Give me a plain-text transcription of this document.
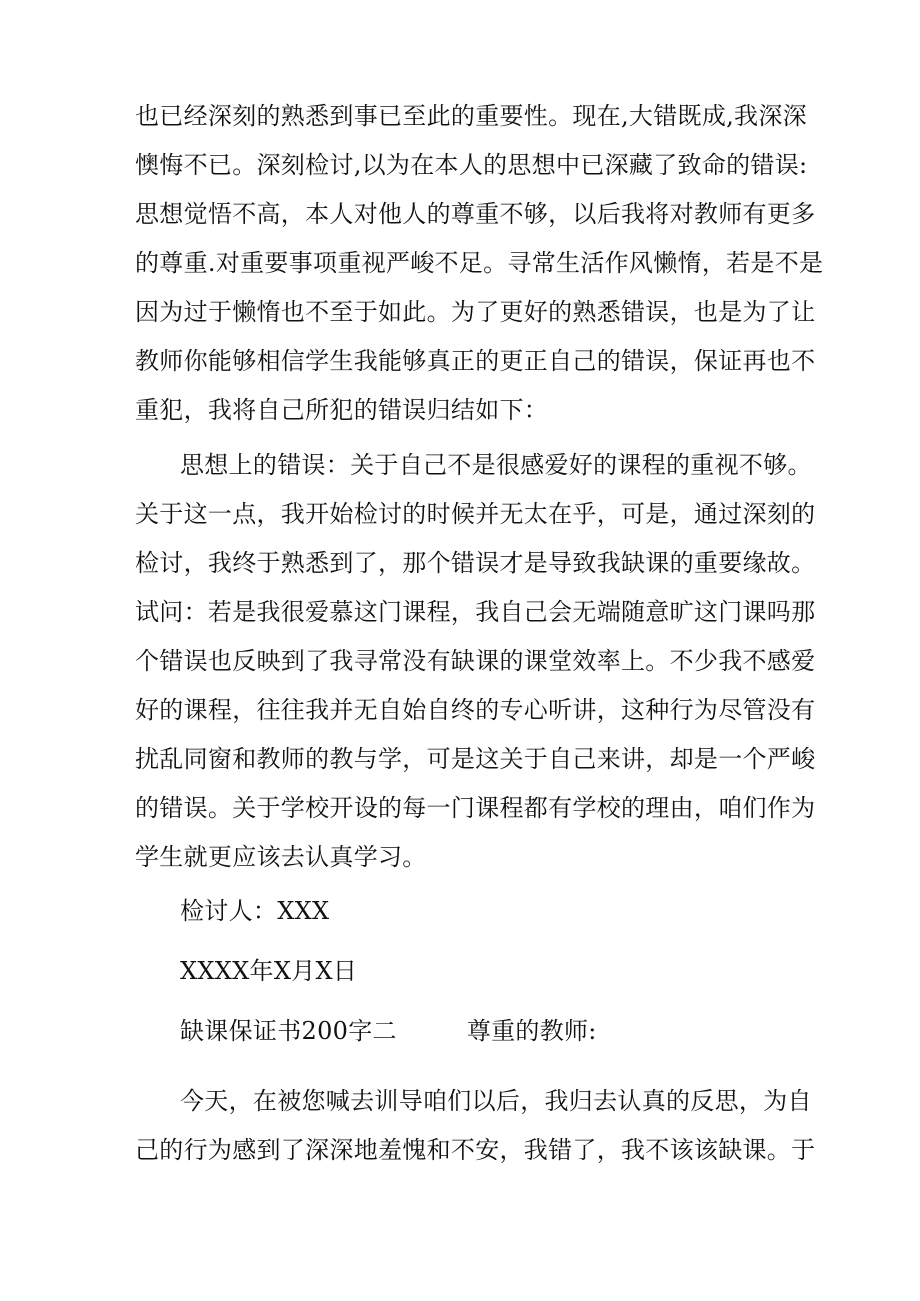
也已经深刻的熟悉到事已至此的重要性。现在,大错既成,我深深
懊悔不已。深刻检讨,以为在本人的思想中已深藏了致命的错误:
思想觉悟不高，本人对他人的尊重不够，以后我将对教师有更多
的尊重.对重要事项重视严峻不足。寻常生活作风懒惰，若是不是
因为过于懒惰也不至于如此。为了更好的熟悉错误，也是为了让
教师你能够相信学生我能够真正的更正自己的错误，保证再也不
重犯，我将自己所犯的错误归结如下：
思想上的错误：关于自己不是很感爱好的课程的重视不够。
关于这一点，我开始检讨的时候并无太在乎，可是，通过深刻的
检讨，我终于熟悉到了，那个错误才是导致我缺课的重要缘故。
试问：若是我很爱慕这门课程，我自己会无端随意旷这门课吗那
个错误也反映到了我寻常没有缺课的课堂效率上。不少我不感爱
好的课程，往往我并无自始自终的专心听讲，这种行为尽管没有
扰乱同窗和教师的教与学，可是这关于自己来讲，却是一个严峻
的错误。关于学校开设的每一门课程都有学校的理由，咱们作为
学生就更应该去认真学习。
检讨人：XXX
XXXX年X月X日
缺课保证书200字二	尊重的教师:
今天，在被您喊去训导咱们以后，我归去认真的反思，为自
己的行为感到了深深地羞愧和不安，我错了，我不该该缺课。于
